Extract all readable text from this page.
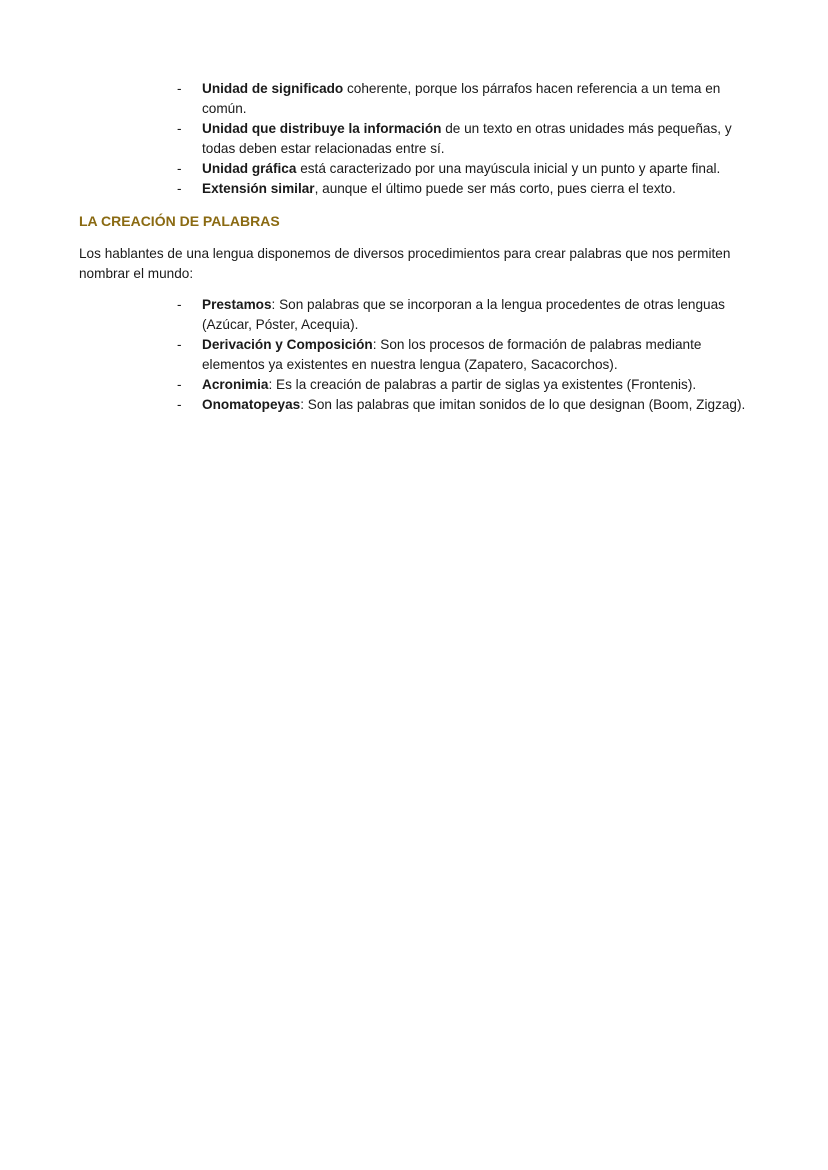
- Unidad de significado coherente, porque los párrafos hacen referencia a un tema en común.
- Unidad que distribuye la información de un texto en otras unidades más pequeñas, y todas deben estar relacionadas entre sí.
- Unidad gráfica está caracterizado por una mayúscula inicial y un punto y aparte final.
- Extensión similar, aunque el último puede ser más corto, pues cierra el texto.
LA CREACIÓN DE PALABRAS

Los hablantes de una lengua disponemos de diversos procedimientos para crear palabras que nos permiten nombrar el mundo:

- Prestamos: Son palabras que se incorporan a la lengua procedentes de otras lenguas (Azúcar, Póster, Acequia).
- Derivación y Composición: Son los procesos de formación de palabras mediante elementos ya existentes en nuestra lengua (Zapatero, Sacacorchos).
- Acronimia: Es la creación de palabras a partir de siglas ya existentes (Frontenis).
- Onomatopeyas: Son las palabras que imitan sonidos de lo que designan (Boom, Zigzag).
